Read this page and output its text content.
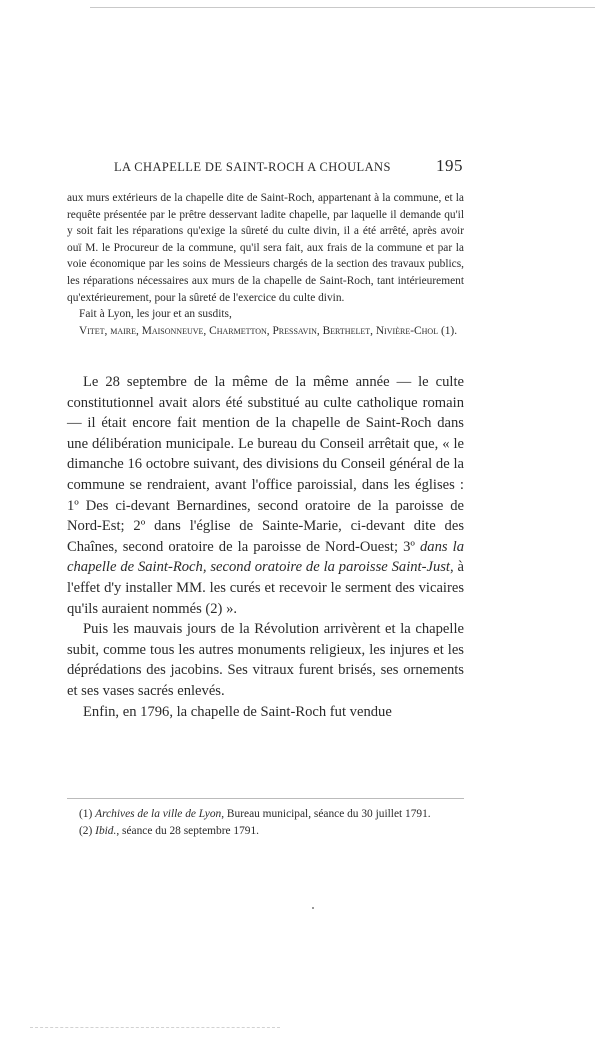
LA CHAPELLE DE SAINT-ROCH A CHOULANS	195

aux murs extérieurs de la chapelle dite de Saint-Roch, appartenant à la commune, et la requête présentée par le prêtre desservant ladite chapelle, par laquelle il demande qu'il y soit fait les réparations qu'exige la sûreté du culte divin, il a été arrêté, après avoir ouï M. le Procureur de la commune, qu'il sera fait, aux frais de la commune et par la voie économique par les soins de Messieurs chargés de la section des travaux publics, les réparations nécessaires aux murs de la chapelle de Saint-Roch, tant intérieurement qu'extérieurement, pour la sûreté de l'exercice du culte divin.

Fait à Lyon, les jour et an susdits,

Vitet, maire, Maisonneuve, Charmetton, Pressavin, Berthelet, Nivière-Chol (1).

Le 28 septembre de la même de la même année — le culte constitutionnel avait alors été substitué au culte catholique romain — il était encore fait mention de la chapelle de Saint-Roch dans une délibération municipale. Le bureau du Conseil arrêtait que, « le dimanche 16 octobre suivant, des divisions du Conseil général de la commune se rendraient, avant l'office paroissial, dans les églises : 1º Des ci-devant Bernardines, second oratoire de la paroisse de Nord-Est; 2º dans l'église de Sainte-Marie, ci-devant dite des Chaînes, second oratoire de la paroisse de Nord-Ouest; 3º dans la chapelle de Saint-Roch, second oratoire de la paroisse Saint-Just, à l'effet d'y installer MM. les curés et recevoir le serment des vicaires qu'ils auraient nommés (2) ».

Puis les mauvais jours de la Révolution arrivèrent et la chapelle subit, comme tous les autres monuments religieux, les injures et les déprédations des jacobins. Ses vitraux furent brisés, ses ornements et ses vases sacrés enlevés.

Enfin, en 1796, la chapelle de Saint-Roch fut vendue

(1) Archives de la ville de Lyon, Bureau municipal, séance du 30 juillet 1791.

(2) Ibid., séance du 28 septembre 1791.
